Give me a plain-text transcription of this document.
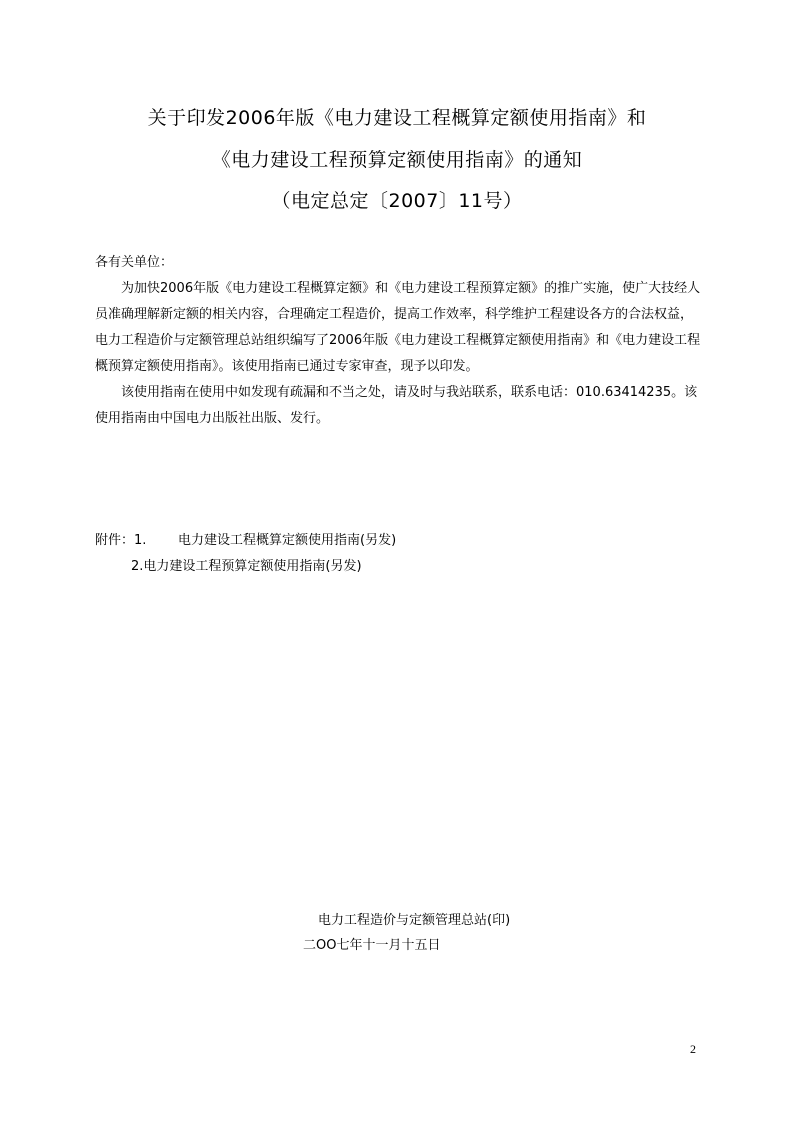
关于印发2006年版《电力建设工程概算定额使用指南》和
《电力建设工程预算定额使用指南》的通知
（电定总定〔2007〕11号）
各有关单位：
为加快2006年版《电力建设工程概算定额》和《电力建设工程预算定额》的推广实施，使广大技经人员准确理解新定额的相关内容，合理确定工程造价，提高工作效率，科学维护工程建设各方的合法权益，电力工程造价与定额管理总站组织编写了2006年版《电力建设工程概算定额使用指南》和《电力建设工程概预算定额使用指南》。该使用指南已通过专家审查，现予以印发。
该使用指南在使用中如发现有疏漏和不当之处，请及时与我站联系，联系电话：010.63414235。该使用指南由中国电力出版社出版、发行。
附件：1. 电力建设工程概算定额使用指南(另发)
2.电力建设工程预算定额使用指南(另发)
电力工程造价与定额管理总站(印)
二OO七年十一月十五日
2
